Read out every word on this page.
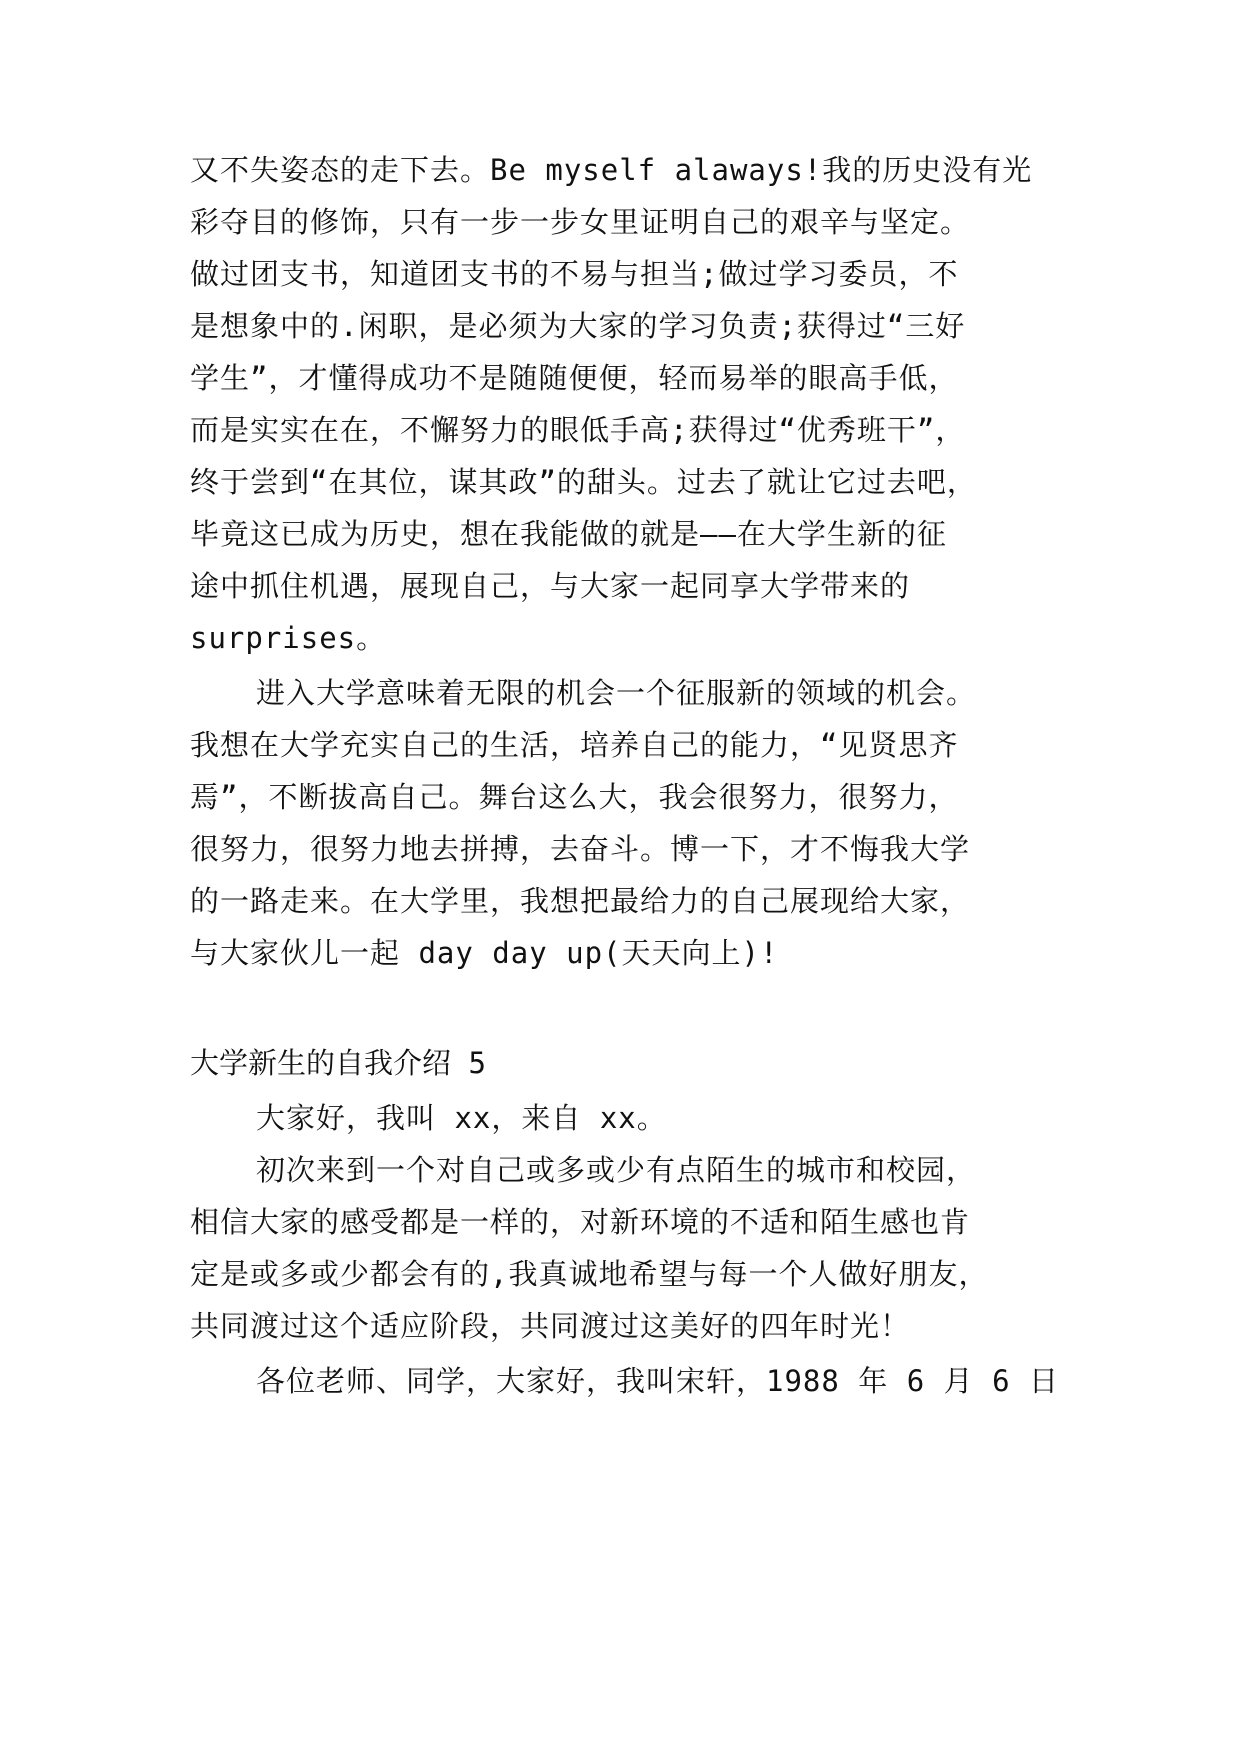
又不失姿态的走下去。Be myself alaways!我的历史没有光
彩夺目的修饰，只有一步一步女里证明自己的艰辛与坚定。
做过团支书，知道团支书的不易与担当;做过学习委员，不
是想象中的.闲职，是必须为大家的学习负责;获得过“三好
学生”，才懂得成功不是随随便便，轻而易举的眼高手低，
而是实实在在，不懈努力的眼低手高;获得过“优秀班干”，
终于尝到“在其位，谋其政”的甜头。过去了就让它过去吧，
毕竟这已成为历史，想在我能做的就是——在大学生新的征
途中抓住机遇，展现自己，与大家一起同享大学带来的
surprises。
进入大学意味着无限的机会一个征服新的领域的机会。
我想在大学充实自己的生活，培养自己的能力，“见贤思齐
焉”，不断拔高自己。舞台这么大，我会很努力，很努力，
很努力，很努力地去拼搏，去奋斗。博一下，才不悔我大学
的一路走来。在大学里，我想把最给力的自己展现给大家，
与大家伙儿一起 day day up(天天向上)!
大学新生的自我介绍 5
大家好，我叫 xx，来自 xx。
初次来到一个对自己或多或少有点陌生的城市和校园，
相信大家的感受都是一样的，对新环境的不适和陌生感也肯
定是或多或少都会有的,我真诚地希望与每一个人做好朋友，
共同渡过这个适应阶段，共同渡过这美好的四年时光！
各位老师、同学，大家好，我叫宋轩，1988 年 6 月 6 日
